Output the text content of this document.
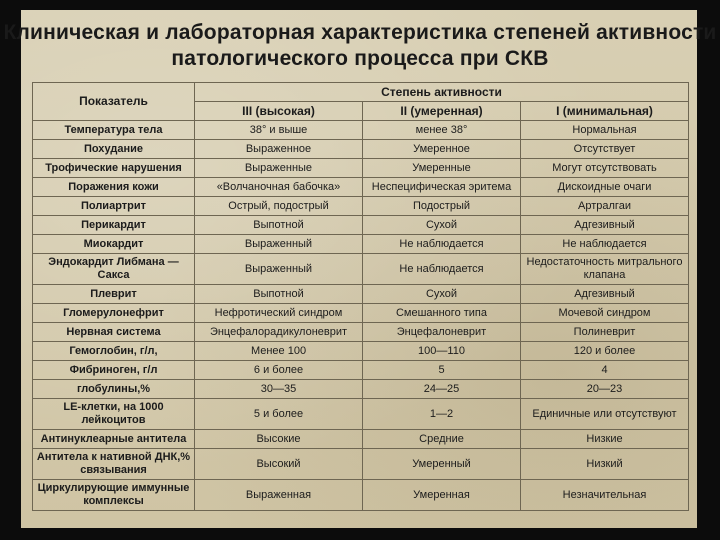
Клиническая и лабораторная характеристика степеней активности патологического процесса при СКВ
Показатель	Степень активности		
	III (высокая)	II (умеренная)	I (минимальная)
Температура тела	38° и выше	менее 38°	Нормальная
Похудание	Выраженное	Умеренное	Отсутствует
Трофические нарушения	Выраженные	Умеренные	Могут отсутствовать
Поражения кожи	«Волчаночная бабочка»	Неспецифическая эритема	Дискоидные очаги
Полиартрит	Острый, подострый	Подострый	Артралгаи
Перикардит	Выпотной	Сухой	Адгезивный
Миокардит	Выраженный	Не наблюдается	Не наблюдается
Эндокардит Либмана — Сакса	Выраженный	Не наблюдается	Недостаточность митрального клапана
Плеврит	Выпотной	Сухой	Адгезивный
Гломерулонефрит	Нефротический синдром	Смешанного типа	Мочевой синдром
Нервная система	Энцефалорадикулоневрит	Энцефалоневрит	Полиневрит
Гемоглобин, г/л,	Менее 100	100—110	120 и более
Фибриноген, г/л	6 и более	5	4
глобулины,%	30—35	24—25	20—23
LE-клетки, на 1000 лейкоцитов	5 и более	1—2	Единичные или отсутствуют
Антинуклеарные антитела	Высокие	Средние	Низкие
Антитела к нативной ДНК,% связывания	Высокий	Умеренный	Низкий
Циркулирующие иммунные комплексы	Выраженная	Умеренная	Незначительная
